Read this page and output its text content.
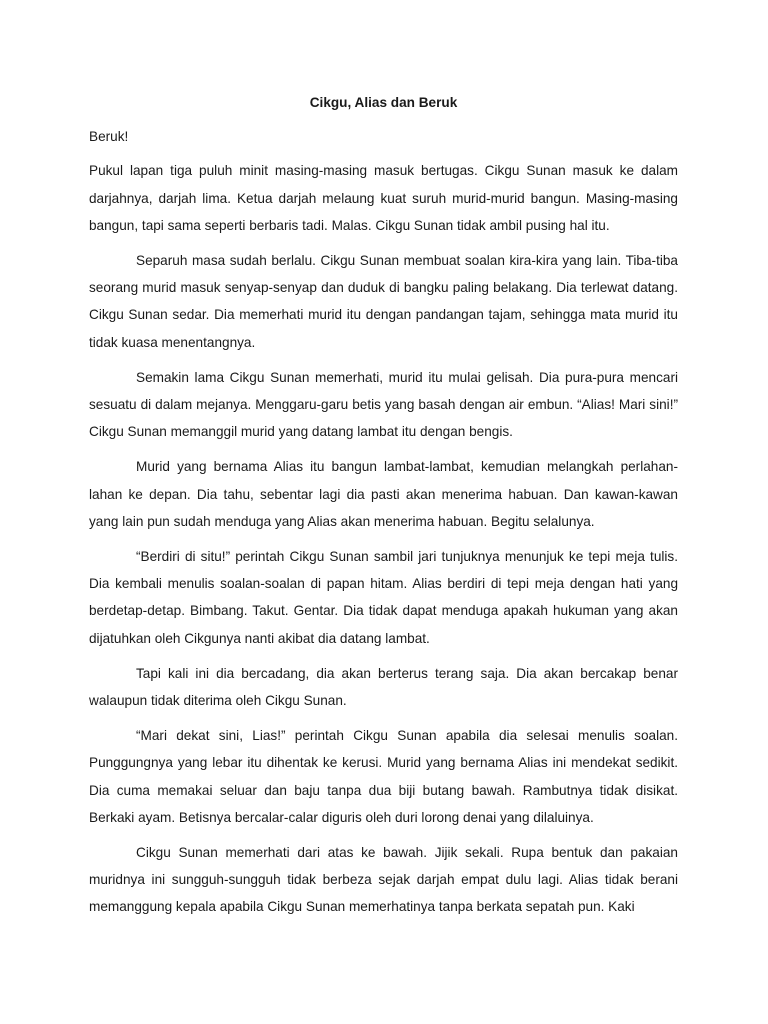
Cikgu, Alias dan Beruk
Beruk!

Pukul lapan tiga puluh minit masing-masing masuk bertugas. Cikgu Sunan masuk ke dalam darjahnya, darjah lima. Ketua darjah melaung kuat suruh murid-murid bangun. Masing-masing bangun, tapi sama seperti berbaris tadi. Malas. Cikgu Sunan tidak ambil pusing hal itu.

Separuh masa sudah berlalu. Cikgu Sunan membuat soalan kira-kira yang lain. Tiba-tiba seorang murid masuk senyap-senyap dan duduk di bangku paling belakang. Dia terlewat datang. Cikgu Sunan sedar. Dia memerhati murid itu dengan pandangan tajam, sehingga mata murid itu tidak kuasa menentangnya.

Semakin lama Cikgu Sunan memerhati, murid itu mulai gelisah. Dia pura-pura mencari sesuatu di dalam mejanya. Menggaru-garu betis yang basah dengan air embun. “Alias! Mari sini!” Cikgu Sunan memanggil murid yang datang lambat itu dengan bengis.

Murid yang bernama Alias itu bangun lambat-lambat, kemudian melangkah perlahan-lahan ke depan. Dia tahu, sebentar lagi dia pasti akan menerima habuan. Dan kawan-kawan yang lain pun sudah menduga yang Alias akan menerima habuan. Begitu selalunya.

“Berdiri di situ!” perintah Cikgu Sunan sambil jari tunjuknya menunjuk ke tepi meja tulis. Dia kembali menulis soalan-soalan di papan hitam. Alias berdiri di tepi meja dengan hati yang berdetap-detap. Bimbang. Takut. Gentar. Dia tidak dapat menduga apakah hukuman yang akan dijatuhkan oleh Cikgunya nanti akibat dia datang lambat.

Tapi kali ini dia bercadang, dia akan berterus terang saja. Dia akan bercakap benar walaupun tidak diterima oleh Cikgu Sunan.

“Mari dekat sini, Lias!” perintah Cikgu Sunan apabila dia selesai menulis soalan. Punggungnya yang lebar itu dihentak ke kerusi. Murid yang bernama Alias ini mendekat sedikit. Dia cuma memakai seluar dan baju tanpa dua biji butang bawah. Rambutnya tidak disikat. Berkaki ayam. Betisnya bercalar-calar diguris oleh duri lorong denai yang dilaluinya.

Cikgu Sunan memerhati dari atas ke bawah. Jijik sekali. Rupa bentuk dan pakaian muridnya ini sungguh-sungguh tidak berbeza sejak darjah empat dulu lagi. Alias tidak berani memanggung kepala apabila Cikgu Sunan memerhatinya tanpa berkata sepatah pun. Kaki
